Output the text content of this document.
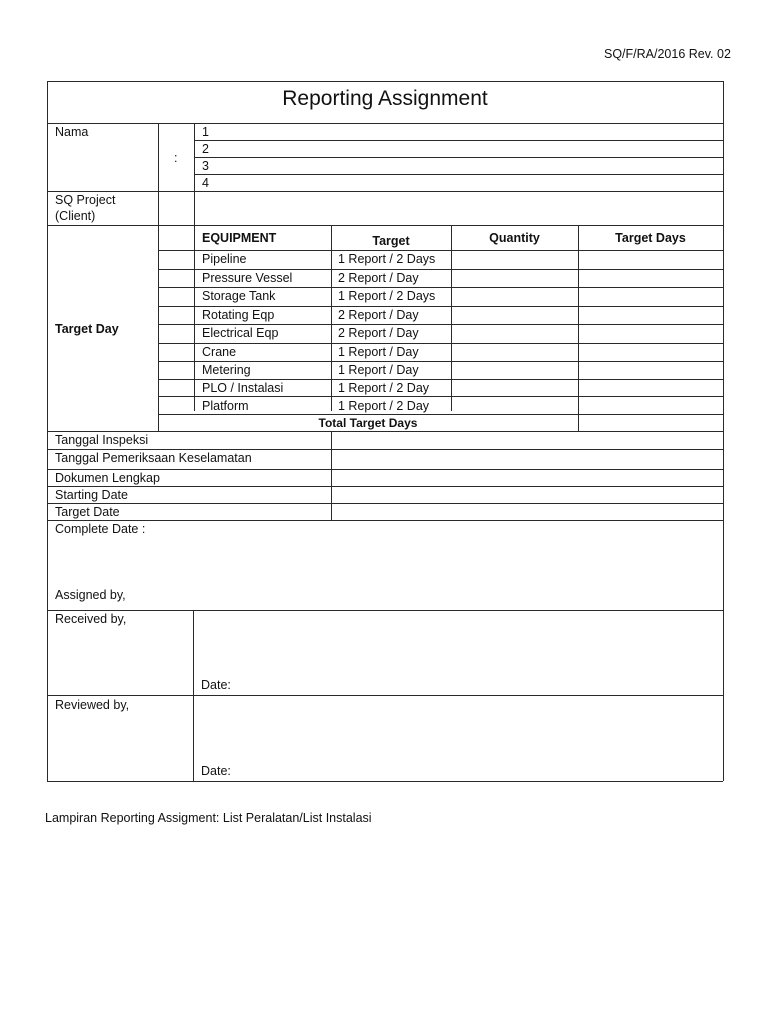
SQ/F/RA/2016 Rev. 02
Reporting Assignment
Nama
:
1
2
3
4
SQ Project
(Client)
Target Day
EQUIPMENT	Target	Quantity	Target Days
Pipeline	1 Report / 2 Days
Pressure Vessel	2 Report / Day
Storage Tank	1 Report / 2 Days
Rotating Eqp	2 Report / Day
Electrical Eqp	2 Report / Day
Crane	1 Report / Day
Metering	1 Report / Day
PLO / Instalasi	1 Report / 2 Day
Platform	1 Report / 2 Day
Total Target Days
Tanggal Inspeksi
Tanggal Pemeriksaan Keselamatan
Dokumen Lengkap
Starting Date
Target Date
Complete Date :
Assigned by,
Received by,
Date:
Reviewed by,
Date:
Lampiran Reporting Assigment: List Peralatan/List Instalasi
